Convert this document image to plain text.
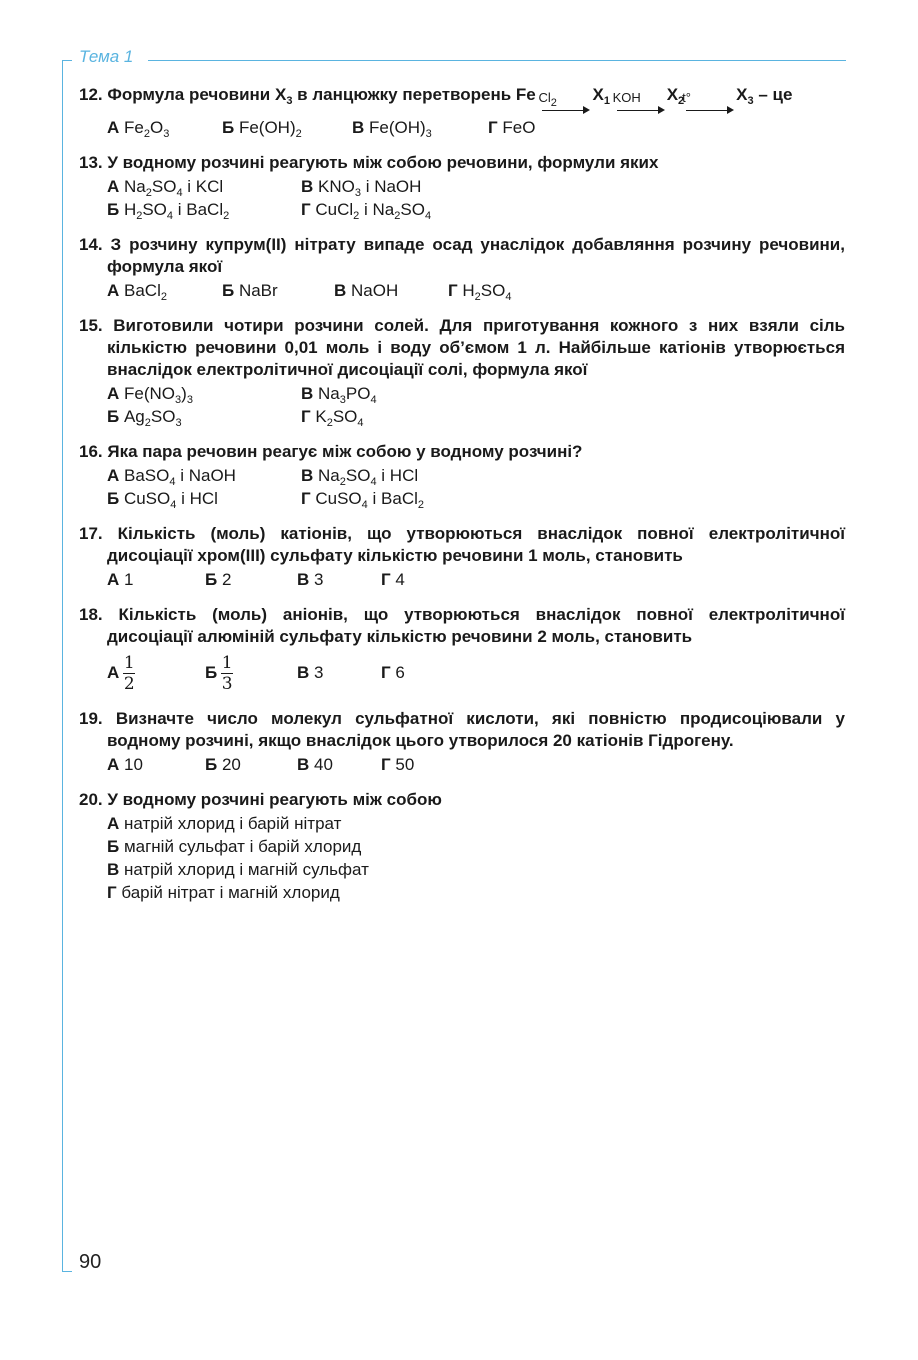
Тема 1
90
12. Формула речовини $X_3$ в ланцюжку перетворень Fe
$Cl_2$	$X_1$ KOH $X_2$
t°	$X_3$ – це
А $Fe_2O_3$	Б $Fe(OH)_2$	В $Fe(OH)_3$	Г FeO
13. У водному розчині реагують між собою речовини, формули яких
А $Na_2SO_4$ і KCl	В $KNO_3$ і NaOH
Б $H_2SO_4$ і BaCl$_2$	Г CuCl$_2$ і $Na_2SO_4$
14. З розчину купрум(ІІ) нітрату випаде осад унаслідок добавляння розчину речовини, формула якої
А BaCl$_2$	Б NaBr	В NaOH	Г $H_2SO_4$
15. Виготовили чотири розчини солей. Для приготування кожного з них взяли сіль кількістю речовини 0,01 моль і воду об’ємом 1 л. Найбільше катіонів утворюється внаслідок електролітичної дисоціації солі, формула якої
А $Fe(NO_3)_3$	В $Na_3PO_4$
Б $Ag_2SO_3$	Г $K_2SO_4$
16. Яка пара речовин реагує між собою у водному розчині?
А BaSO$_4$ і NaOH	В $Na_2SO_4$ і HCl
Б CuSO$_4$ і HCl	Г CuSO$_4$ і BaCl$_2$
17. Кількість (моль) катіонів, що утворюються внаслідок повної електролітичної дисоціації хром(ІІІ) сульфату кількістю речовини 1 моль, становить
А 1	Б 2	В 3	Г 4
18. Кількість (моль) аніонів, що утворюються внаслідок повної електролітичної дисоціації алюміній сульфату кількістю речовини 2 моль, становить
А $\frac{1}{2}$	Б $\frac{1}{3}$	В 3	Г 6
19. Визначте число молекул сульфатної кислоти, які повністю продисоціювали у водному розчині, якщо внаслідок цього утворилося 20 катіонів Гідрогену.
А 10	Б 20	В 40	Г 50
20. У водному розчині реагують між собою
А натрій хлорид і барій нітрат
Б магній сульфат і барій хлорид
В натрій хлорид і магній сульфат
Г барій нітрат і магній хлорид
